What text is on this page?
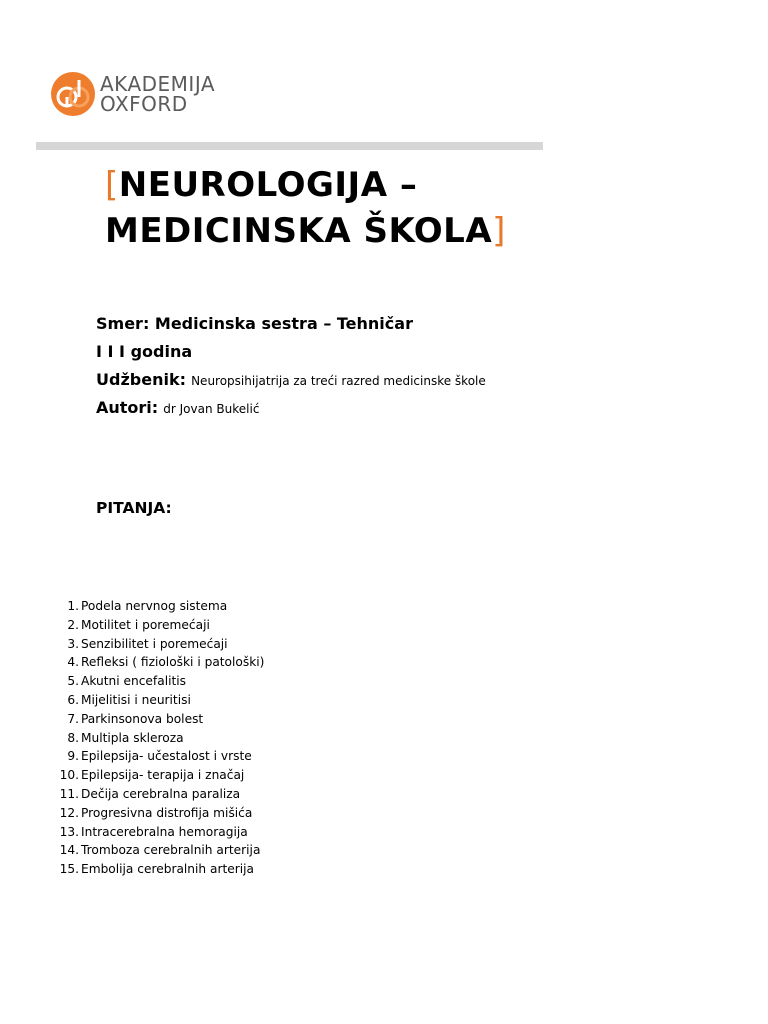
AKADEMIJA
OXFORD
[NEUROLOGIJA –
MEDICINSKA ŠKOLA]
Smer: Medicinska sestra – Tehničar
I I I godina
Udžbenik: Neuropsihijatrija za treći razred medicinske škole
Autori: dr Jovan Bukelić
PITANJA:
1. Podela nervnog sistema
2. Motilitet i poremećaji
3. Senzibilitet i poremećaji
4. Refleksi ( fiziološki i patološki)
5. Akutni encefalitis
6. Mijelitisi i neuritisi
7. Parkinsonova bolest
8. Multipla skleroza
9. Epilepsija- učestalost i vrste
10. Epilepsija- terapija i značaj
11. Dečija cerebralna paraliza
12. Progresivna distrofija mišića
13. Intracerebralna hemoragija
14. Tromboza cerebralnih arterija
15. Embolija cerebralnih arterija
